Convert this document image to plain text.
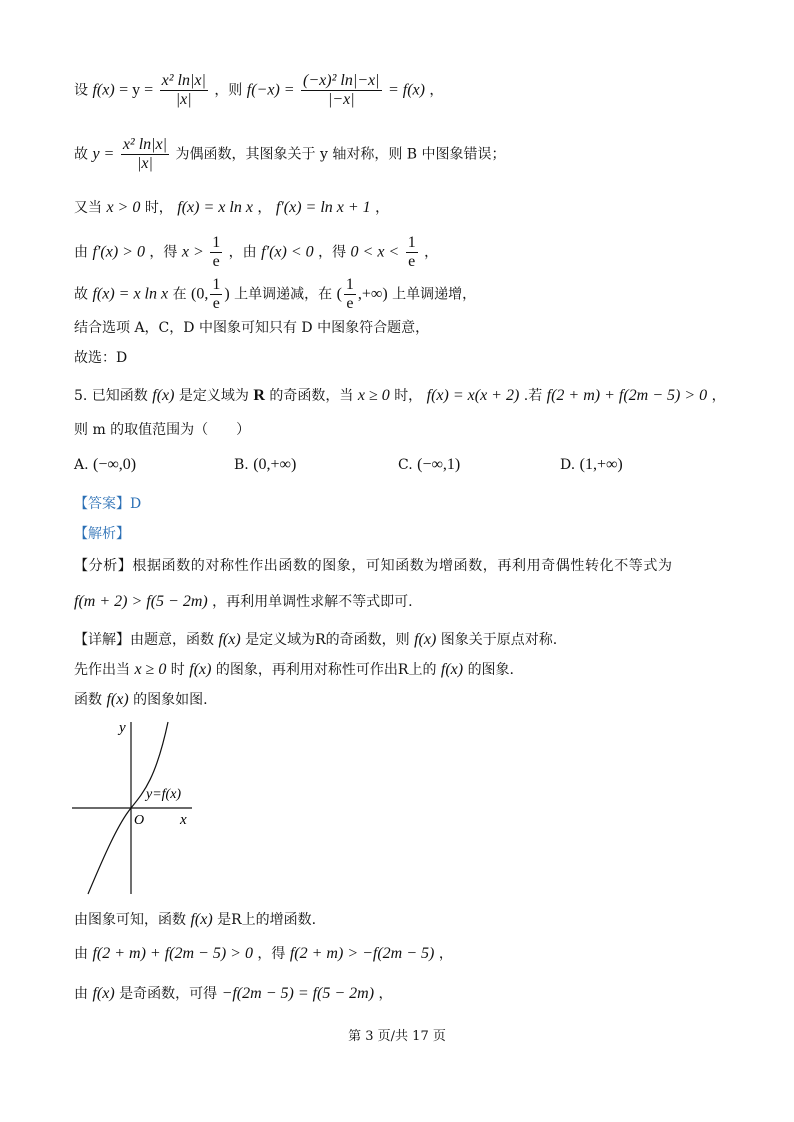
设 $f(x) = y = \frac{\text{x² ln|x|}}{|x|}$ ，则 $f(-x) = \frac{\text{(−x)² ln|−x|}}{|-x|} = f(x)$ ，
故 $y = \frac{\text{x² ln|x|}}{|x|}$ 为偶函数，其图象关于 y 轴对称，则 B 中图象错误；
又当 x > 0 时， f(x) = x ln x ， f′(x) = ln x + 1 ，
由 f′(x) > 0 ，得 $x > \frac{1}{e}$ ，由 f′(x) < 0 ，得 $0 < x < \frac{1}{e}$ ，
故 f(x) = x ln x 在 (0, $\frac{1}{e}$ ) 上单调递减，在 ( $\frac{1}{e}$ ,+∞) 上单调递增，
结合选项 A，C，D 中图象可知只有 D 中图象符合题意，
故选：D
5. 已知函数 f(x) 是定义域为 R 的奇函数，当 x ≥ 0 时， f(x) = x(x + 2) .若 f(2 + m) + f(2m − 5) > 0 ，
则 m 的取值范围为（　　）
A. (−∞,0)	B. (0,+∞)	C. (−∞,1)	D. (1,+∞)
【答案】D
【解析】
【分析】根据函数的对称性作出函数的图象，可知函数为增函数，再利用奇偶性转化不等式为
f(m + 2) > f(5 − 2m) ，再利用单调性求解不等式即可.
【详解】由题意，函数 f(x) 是定义域为R的奇函数，则 f(x) 图象关于原点对称.
先作出当 x ≥ 0 时 f(x) 的图象，再利用对称性可作出R上的 f(x) 的图象.
函数 f(x) 的图象如图.
y
x
O
y=f(x)
由图象可知，函数 f(x) 是R上的增函数.
由 f(2 + m) + f(2m − 5) > 0 ，得 f(2 + m) > −f(2m − 5) ，
由 f(x) 是奇函数，可得 −f(2m − 5) = f(5 − 2m) ，
第 3 页/共 17 页
